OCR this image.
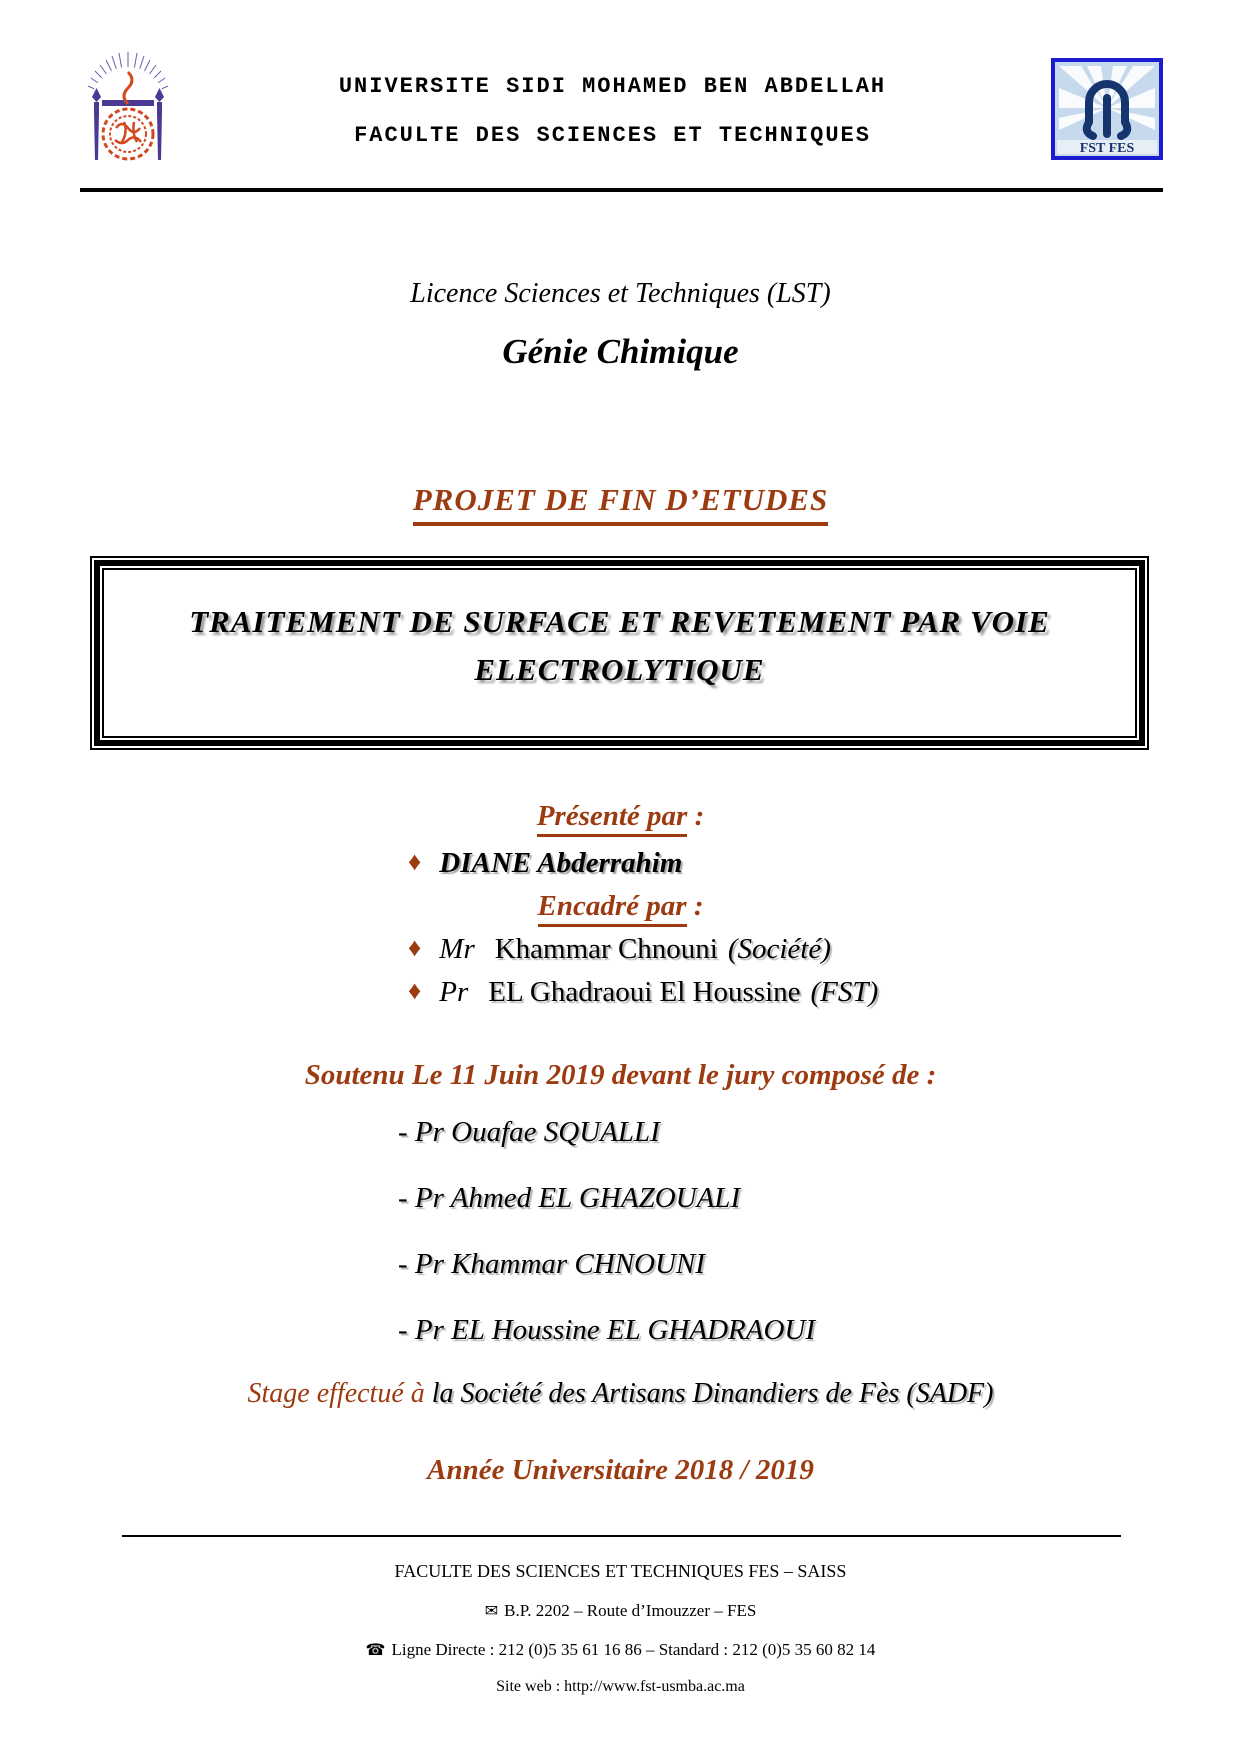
UNIVERSITE SIDI MOHAMED BEN ABDELLAH
FACULTE DES SCIENCES ET TECHNIQUES
FST FES
Licence Sciences et Techniques (LST)
Génie Chimique
PROJET DE FIN D’ETUDES
TRAITEMENT DE SURFACE ET REVETEMENT PAR VOIE
ELECTROLYTIQUE
Présenté par :
♦ DIANE Abderrahim
Encadré par :
♦ Mr Khammar Chnouni (Société)
♦ Pr EL Ghadraoui El Houssine (FST)
Soutenu Le 11 Juin 2019 devant le jury composé de :
- Pr Ouafae SQUALLI
- Pr Ahmed EL GHAZOUALI
- Pr Khammar CHNOUNI
- Pr EL Houssine EL GHADRAOUI
Stage effectué à la Société des Artisans Dinandiers de Fès (SADF)
Année Universitaire 2018 / 2019
FACULTE DES SCIENCES ET TECHNIQUES FES – SAISS
✉ B.P. 2202 – Route d’Imouzzer – FES
☎ Ligne Directe : 212 (0)5 35 61 16 86 – Standard : 212 (0)5 35 60 82 14
Site web : http://www.fst-usmba.ac.ma
